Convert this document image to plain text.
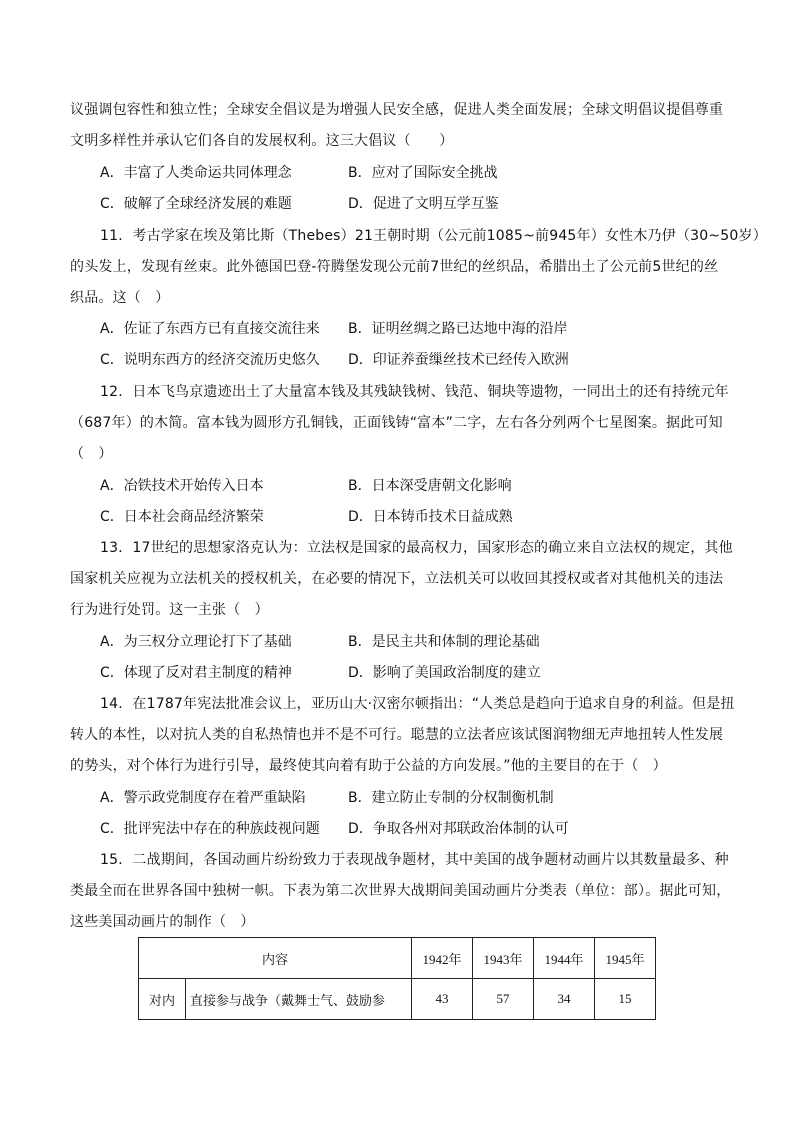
议强调包容性和独立性；全球安全倡议是为增强人民安全感，促进人类全面发展；全球文明倡议提倡尊重
文明多样性并承认它们各自的发展权利。这三大倡议（　　）
A．丰富了人类命运共同体理念	B．应对了国际安全挑战
C．破解了全球经济发展的难题	D．促进了文明互学互鉴
11．考古学家在埃及第比斯（Thebes）21王朝时期（公元前1085~前945年）女性木乃伊（30~50岁）
的头发上，发现有丝束。此外德国巴登-符腾堡发现公元前7世纪的丝织品，希腊出土了公元前5世纪的丝
织品。这（　）
A．佐证了东西方已有直接交流往来 B．证明丝绸之路已达地中海的沿岸
C．说明东西方的经济交流历史悠久 D．印证养蚕缫丝技术已经传入欧洲
12．日本飞鸟京遗迹出土了大量富本钱及其残缺钱树、钱范、铜块等遗物，一同出土的还有持统元年
（687年）的木简。富本钱为圆形方孔铜钱，正面钱铸“富本”二字，左右各分列两个七星图案。据此可知
（　）
A．冶铁技术开始传入日本	B．日本深受唐朝文化影响
C．日本社会商品经济繁荣	D．日本铸币技术日益成熟
13．17世纪的思想家洛克认为：立法权是国家的最高权力，国家形态的确立来自立法权的规定，其他
国家机关应视为立法机关的授权机关，在必要的情况下，立法机关可以收回其授权或者对其他机关的违法
行为进行处罚。这一主张（　）
A．为三权分立理论打下了基础	B．是民主共和体制的理论基础
C．体现了反对君主制度的精神	D．影响了美国政治制度的建立
14．在1787年宪法批准会议上，亚历山大·汉密尔顿指出：“人类总是趋向于追求自身的利益。但是扭
转人的本性，以对抗人类的自私热情也并不是不可行。聪慧的立法者应该试图润物细无声地扭转人性发展
的势头，对个体行为进行引导，最终使其向着有助于公益的方向发展。”他的主要目的在于（　）
A．警示政党制度存在着严重缺陷	B．建立防止专制的分权制衡机制
C．批评宪法中存在的种族歧视问题 D．争取各州对邦联政治体制的认可
15．二战期间，各国动画片纷纷致力于表现战争题材，其中美国的战争题材动画片以其数量最多、种
类最全而在世界各国中独树一帜。下表为第二次世界大战期间美国动画片分类表（单位：部）。据此可知，
这些美国动画片的制作（　）
内容		1942年	1943年	1944年	1945年
对内	直接参与战争（戴舞士气、鼓励参	43	57	34	15
